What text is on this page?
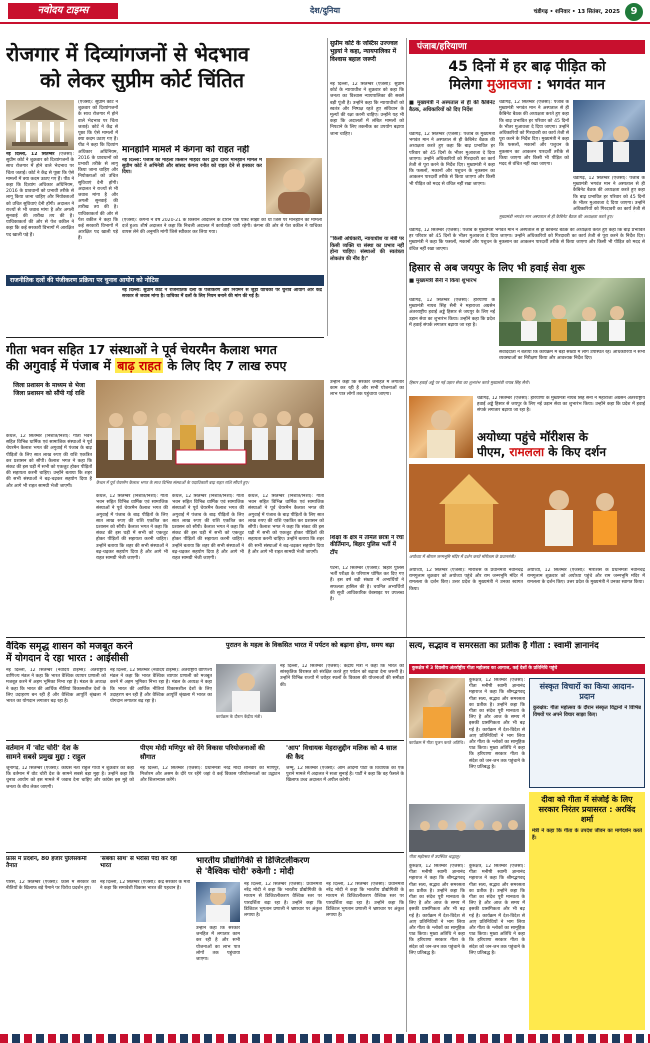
नवोदय टाइम्स	देश/दुनिया	चंडीगढ़ • शनिवार • 13 सितंबर, 2025	9
रोजगार में दिव्यांगजनों से भेदभाव
को लेकर सुप्रीम कोर्ट चिंतित
नई दिल्ली, 12 सितम्बर (एजेंसी): सुप्रीम कोर्ट ने शुक्रवार को दिव्यांगजनों के साथ रोजगार में होने वाले भेदभाव पर चिंता जताई। कोर्ट ने केंद्र से पूछा कि ऐसे मामलों में क्या कदम उठाए गए हैं। पीठ ने कहा कि दिव्यांग अधिकार अधिनियम, 2016 के प्रावधानों को प्रभावी तरीके से लागू किया जाना चाहिए और नियोक्ताओं को उचित सुविधाएं देनी होंगी। अदालत ने राज्यों से भी जवाब मांगा है और अगली सुनवाई की तारीख तय की है। याचिकाकर्ता की ओर से पेश वकील ने कहा कि कई सरकारी विभागों में आरक्षित पद खाली पड़े हैं।
(एजेंसी): सुप्रीम कोर्ट ने शुक्रवार को दिव्यांगजनों के साथ रोजगार में होने वाले भेदभाव पर चिंता जताई। कोर्ट ने केंद्र से पूछा कि ऐसे मामलों में क्या कदम उठाए गए हैं। पीठ ने कहा कि दिव्यांग अधिकार अधिनियम, 2016 के प्रावधानों को प्रभावी तरीके से लागू किया जाना चाहिए और नियोक्ताओं को उचित सुविधाएं देनी होंगी। अदालत ने राज्यों से भी जवाब मांगा है और अगली सुनवाई की तारीख तय की है। याचिकाकर्ता की ओर से पेश वकील ने कहा कि कई सरकारी विभागों में आरक्षित पद खाली पड़े हैं।
मानहानि मामले में कंगना को राहत नहीं
नई दिल्ली: पंजाब की महिला किसान महिंदर कौर द्वारा दायर मानहानि मामले में सुप्रीम कोर्ट ने अभिनेत्री और सांसद कंगना रनौत को राहत देने से इनकार कर दिया।
(एजेंसी): कंगना ने वर्ष 2020-21 के किसान आंदोलन के दौरान एक पोस्ट साझा की थी जिस पर मानहानि का मामला दर्ज हुआ। शीर्ष अदालत ने कहा कि निचली अदालत में कार्यवाही जारी रहेगी। कंगना की ओर से पेश वकील ने याचिका वापस लेने की अनुमति मांगी जिसे स्वीकार कर लिया गया।
राजनीतिक दलों की पंजीकरण प्रक्रिया पर चुनाव आयोग को नोटिस
नई दिल्ली: सुप्रीम कोर्ट ने राजनीतिक दलों के पंजीकरण और नियमन से जुड़ी याचिका पर चुनाव आयोग और केंद्र सरकार से जवाब मांगा है। याचिका में दलों के लिए नियम बनाने की मांग की गई है।
सुप्रीम कोर्ट के जस्टिस उज्ज्वल भुइयां ने कहा, न्यायपालिका में विश्वास बहाल जरूरी
नई दिल्ली, 12 सितम्बर (एजेंसी): सुप्रीम कोर्ट के न्यायाधीश ने शुक्रवार को कहा कि जनता का विश्वास न्यायपालिका की सबसे बड़ी पूंजी है। उन्होंने कहा कि न्यायाधीशों को स्वतंत्र और निष्पक्ष रहते हुए संविधान के मूल्यों की रक्षा करनी चाहिए। उन्होंने यह भी कहा कि अदालतों में लंबित मामलों को निपटाने के लिए तकनीक का उपयोग बढ़ाया जाना चाहिए।
"किसी अधिकारी, न्यायाधीश या मंत्री पर किसी व्यक्ति या संस्था का प्रभाव नहीं होना चाहिए। संस्थाओं की स्वतंत्रता लोकतंत्र की नींव है।"
पंजाब/हरियाणा
45 दिनों में हर बाढ़ पीड़ित को
मिलेगा मुआवजा : भगवंत मान
■ मुख्यमंत्री ने अस्पताल से ही की कैबिनेट बैठक, अधिकारियों को दिए निर्देश
चंडीगढ़, 12 सितम्बर (एजेंसी): पंजाब के मुख्यमंत्री भगवंत मान ने अस्पताल से ही कैबिनेट बैठक की अध्यक्षता करते हुए कहा कि बाढ़ प्रभावित हर परिवार को 45 दिनों के भीतर मुआवजा दे दिया जाएगा। उन्होंने अधिकारियों को गिरदावरी का कार्य तेजी से पूरा करने के निर्देश दिए। मुख्यमंत्री ने कहा कि फसलों, मकानों और पशुधन के नुकसान का आकलन पारदर्शी तरीके से किया जाएगा और किसी भी पीड़ित को मदद से वंचित नहीं रखा जाएगा।
चंडीगढ़, 12 सितम्बर (एजेंसी): पंजाब के मुख्यमंत्री भगवंत मान ने अस्पताल से ही कैबिनेट बैठक की अध्यक्षता करते हुए कहा कि बाढ़ प्रभावित हर परिवार को 45 दिनों के भीतर मुआवजा दे दिया जाएगा। उन्होंने अधिकारियों को गिरदावरी का कार्य तेजी से पूरा करने के निर्देश दिए। मुख्यमंत्री ने कहा कि फसलों, मकानों और पशुधन के नुकसान का आकलन पारदर्शी तरीके से किया जाएगा और किसी भी पीड़ित को मदद से वंचित नहीं रखा जाएगा।
मुख्यमंत्री भगवंत मान अस्पताल से ही कैबिनेट बैठक की अध्यक्षता करते हुए।
चंडीगढ़, 12 सितम्बर (एजेंसी): पंजाब के मुख्यमंत्री भगवंत मान ने अस्पताल से ही कैबिनेट बैठक की अध्यक्षता करते हुए कहा कि बाढ़ प्रभावित हर परिवार को 45 दिनों के भीतर मुआवजा दे दिया जाएगा। उन्होंने अधिकारियों को गिरदावरी का कार्य तेजी से
चंडीगढ़, 12 सितम्बर (एजेंसी): पंजाब के मुख्यमंत्री भगवंत मान ने अस्पताल से ही कैबिनेट बैठक की अध्यक्षता करते हुए कहा कि बाढ़ प्रभावित हर परिवार को 45 दिनों के भीतर मुआवजा दे दिया जाएगा। उन्होंने अधिकारियों को गिरदावरी का कार्य तेजी से पूरा करने के निर्देश दिए। मुख्यमंत्री ने कहा कि फसलों, मकानों और पशुधन के नुकसान का आकलन पारदर्शी तरीके से किया जाएगा और किसी भी पीड़ित को मदद से वंचित नहीं रखा जाएगा।
हिसार से अब जयपुर के लिए भी हवाई सेवा शुरू
■ मुख्यमंत्री सैनी ने किया शुभारंभ
चंडीगढ़, 12 सितम्बर (एजेंसी): हरियाणा के मुख्यमंत्री नायब सिंह सैनी ने महाराजा अग्रसेन अंतरराष्ट्रीय हवाई अड्डे हिसार से जयपुर के लिए नई उड़ान सेवा का शुभारंभ किया। उन्होंने कहा कि प्रदेश में हवाई संपर्क लगातार बढ़ाया जा रहा है।
हिसार हवाई अड्डे पर नई उड़ान सेवा का शुभारंभ करते मुख्यमंत्री नायब सिंह सैनी।
संवाददाता ने बताया कि कार्यक्रम में बड़ी संख्या में लोग उपस्थित रहे। अधिकारियों ने सभी व्यवस्थाओं का निरीक्षण किया और आवश्यक निर्देश दिए।
गीता भवन सहित 17 संस्थाओं ने पूर्व चेयरमैन कैलाश भगत
की अगुवाई में पंजाब में बाढ़ राहत के लिए दिए 7 लाख रुपए
जिला प्रशासन के माध्यम से भेजा जिला प्रशासन को सौंपी गई राशि
कैथल, 12 सितम्बर (निशांत/निशा): गीता भवन सहित विभिन्न धार्मिक एवं सामाजिक संस्थाओं ने पूर्व चेयरमैन कैलाश भगत की अगुवाई में पंजाब के बाढ़ पीड़ितों के लिए सात लाख रुपए की राशि एकत्रित कर प्रशासन को सौंपी। कैलाश भगत ने कहा कि संकट की इस घड़ी में सभी को एकजुट होकर पीड़ितों की सहायता करनी चाहिए। उन्होंने बताया कि शहर की सभी संस्थाओं ने बढ़-चढ़कर सहयोग दिया है और आगे भी राहत सामग्री भेजी जाएगी।
कैथल में पूर्व चेयरमैन कैलाश भगत के साथ विभिन्न संस्थाओं के पदाधिकारी बाढ़ राहत राशि सौंपते हुए।
कैथल, 12 सितम्बर (निशांत/निशा): गीता भवन सहित विभिन्न धार्मिक एवं सामाजिक संस्थाओं ने पूर्व चेयरमैन कैलाश भगत की अगुवाई में पंजाब के बाढ़ पीड़ितों के लिए सात लाख रुपए की राशि एकत्रित कर प्रशासन को सौंपी। कैलाश भगत ने कहा कि संकट की इस घड़ी में सभी को एकजुट होकर पीड़ितों की सहायता करनी चाहिए। उन्होंने बताया कि शहर की सभी संस्थाओं ने बढ़-चढ़कर सहयोग दिया है और आगे भी राहत सामग्री भेजी जाएगी।
कैथल, 12 सितम्बर (निशांत/निशा): गीता भवन सहित विभिन्न धार्मिक एवं सामाजिक संस्थाओं ने पूर्व चेयरमैन कैलाश भगत की अगुवाई में पंजाब के बाढ़ पीड़ितों के लिए सात लाख रुपए की राशि एकत्रित कर प्रशासन को सौंपी। कैलाश भगत ने कहा कि संकट की इस घड़ी में सभी को एकजुट होकर पीड़ितों की सहायता करनी चाहिए। उन्होंने बताया कि शहर की सभी संस्थाओं ने बढ़-चढ़कर सहयोग दिया है और आगे भी राहत सामग्री भेजी जाएगी।
कैथल, 12 सितम्बर (निशांत/निशा): गीता भवन सहित विभिन्न धार्मिक एवं सामाजिक संस्थाओं ने पूर्व चेयरमैन कैलाश भगत की अगुवाई में पंजाब के बाढ़ पीड़ितों के लिए सात लाख रुपए की राशि एकत्रित कर प्रशासन को सौंपी। कैलाश भगत ने कहा कि संकट की इस घड़ी में सभी को एकजुट होकर पीड़ितों की सहायता करनी चाहिए। उन्होंने बताया कि शहर की सभी संस्थाओं ने बढ़-चढ़कर सहयोग दिया है और आगे भी राहत सामग्री भेजी जाएगी।
उन्होंने कहा कि सरकार जनहित में लगातार काम कर रही है और सभी योजनाओं का लाभ पात्र लोगों तक पहुंचाया जाएगा।
शिक्षा के क्षेत्र में तमिल छात्रा ने रचा कीर्तिमान, बिहार पुलिस भर्ती में टॉप
पटना, 12 सितम्बर (एजेंसी): बिहार पुलिस भर्ती परीक्षा के परिणाम घोषित कर दिए गए हैं। इस वर्ष बड़ी संख्या में अभ्यर्थियों ने सफलता हासिल की है। चयनित अभ्यर्थियों की सूची आधिकारिक वेबसाइट पर उपलब्ध है।
चंडीगढ़, 12 सितम्बर (एजेंसी): हरियाणा के मुख्यमंत्री नायब सिंह सैनी ने महाराजा अग्रसेन अंतरराष्ट्रीय हवाई अड्डे हिसार से जयपुर के लिए नई उड़ान सेवा का शुभारंभ किया। उन्होंने कहा कि प्रदेश में हवाई संपर्क लगातार बढ़ाया जा रहा है।
अयोध्या पहुंचे मॉरीशस के
पीएम, रामलला के किए दर्शन
अयोध्या में श्रीराम जन्मभूमि मंदिर में दर्शन करते मॉरीशस के प्रधानमंत्री।
अयोध्या, 12 सितम्बर (एजेंसी): मॉरीशस के प्रधानमंत्री नवीनचंद्र रामगुलाम शुक्रवार को अयोध्या पहुंचे और राम जन्मभूमि मंदिर में रामलला के दर्शन किए। उत्तर प्रदेश के मुख्यमंत्री ने उनका स्वागत किया।
अयोध्या, 12 सितम्बर (एजेंसी): मॉरीशस के प्रधानमंत्री नवीनचंद्र रामगुलाम शुक्रवार को अयोध्या पहुंचे और राम जन्मभूमि मंदिर में रामलला के दर्शन किए। उत्तर प्रदेश के मुख्यमंत्री ने उनका स्वागत किया।
वैदिक समृद्ध शासन को मजबूत करने
में योगदान दे रहा भारत : आईसीसी
नई दिल्ली, 12 सितम्बर (नवोदय टाइम्स): अंतर्राष्ट्रीय वाणिज्य मंडल ने कहा कि भारत वैश्विक व्यापार प्रणाली को मजबूत करने में अहम भूमिका निभा रहा है। मंडल के अध्यक्ष ने कहा कि भारत की आर्थिक नीतियां विकासशील देशों के लिए उदाहरण बन रही हैं और वैश्विक आपूर्ति श्रृंखला में भारत का योगदान लगातार बढ़ रहा है।
नई दिल्ली, 12 सितम्बर (नवोदय टाइम्स): अंतर्राष्ट्रीय वाणिज्य मंडल ने कहा कि भारत वैश्विक व्यापार प्रणाली को मजबूत करने में अहम भूमिका निभा रहा है। मंडल के अध्यक्ष ने कहा कि भारत की आर्थिक नीतियां विकासशील देशों के लिए उदाहरण बन रही हैं और वैश्विक आपूर्ति श्रृंखला में भारत का योगदान लगातार बढ़ रहा है।
पुरातन के महत्व के विकसित भारत में पर्यटन को बढ़ाना होगा, समय बढ़ा
नई दिल्ली, 12 सितम्बर (एजेंसी): केंद्रीय मंत्री ने कहा कि भारत की सांस्कृतिक विरासत को संरक्षित करते हुए पर्यटन को बढ़ावा देना जरूरी है। उन्होंने विभिन्न राज्यों में धरोहर स्थलों के विकास की योजनाओं की समीक्षा की।
कार्यक्रम के दौरान केंद्रीय मंत्री।
वर्तमान में 'वोट चोरी' देश के
सामने सबसे प्रमुख मुद्दा : राहुल
जूनागढ़, 12 सितम्बर (एजेंसी): कांग्रेस नेता राहुल गांधी ने शुक्रवार को कहा कि वर्तमान में वोट चोरी देश के सामने सबसे बड़ा मुद्दा है। उन्होंने कहा कि चुनाव आयोग को इस मामले में जवाब देना चाहिए और कांग्रेस इस मुद्दे को जनता के बीच लेकर जाएगी।
पीएम मोदी मणिपुर को देंगे विकास परियोजनाओं की सौगात
नई दिल्ली, 12 सितम्बर (एजेंसी): प्रधानमंत्री नरेंद्र मोदी शनिवार को मणिपुर, मिजोरम और असम के दौरे पर रहेंगे जहां वे कई विकास परियोजनाओं का उद्घाटन और शिलान्यास करेंगे।
'आप' विधायक मेहराजुद्दीन मलिक को 4 साल की कैद
जम्मू, 12 सितम्बर (एजेंसी): आम आदमी पार्टी के विधायक को एक पुराने मामले में अदालत ने सजा सुनाई है। पार्टी ने कहा कि वह फैसले के खिलाफ उच्च अदालत में अपील करेगी।
फ्रांस में प्रदर्शन, 80 हजार पुलिसकर्मी तैनात
पेरिस, 12 सितम्बर (एजेंसी): फ्रांस में सरकार की नीतियों के खिलाफ बड़े पैमाने पर विरोध प्रदर्शन हुए।
'सबका साथ' से भरोसा पैदा कर रहा भारत
नई दिल्ली, 12 सितम्बर (एजेंसी): केंद्र सरकार के मंत्री ने कहा कि समावेशी विकास भारत की पहचान है।
भारतीय प्रौद्योगिकी से डिजिटलीकरण
से 'वैश्विक चोरी' रुकेगी : मोदी
नई दिल्ली, 12 सितम्बर (एजेंसी): प्रधानमंत्री नरेंद्र मोदी ने कहा कि भारतीय प्रौद्योगिकी के माध्यम से डिजिटलीकरण वैश्विक स्तर पर पारदर्शिता बढ़ा रहा है। उन्होंने कहा कि डिजिटल भुगतान प्रणाली ने भ्रष्टाचार पर अंकुश लगाया है।
नई दिल्ली, 12 सितम्बर (एजेंसी): प्रधानमंत्री नरेंद्र मोदी ने कहा कि भारतीय प्रौद्योगिकी के माध्यम से डिजिटलीकरण वैश्विक स्तर पर पारदर्शिता बढ़ा रहा है। उन्होंने कहा कि डिजिटल भुगतान प्रणाली ने भ्रष्टाचार पर अंकुश लगाया है।
उन्होंने कहा कि सरकार जनहित में लगातार काम कर रही है और सभी योजनाओं का लाभ पात्र लोगों तक पहुंचाया जाएगा।
सत्य, सद्भाव व समरसता का प्रतीक है गीता : स्वामी ज्ञानानंद
कुरुक्षेत्र में 3 दिवसीय अंतर्राष्ट्रीय गीता महोत्सव का आगाज, कई देशों के प्रतिनिधि पहुंचे
कुरुक्षेत्र, 12 सितम्बर (एजेंसी): गीता मनीषी स्वामी ज्ञानानंद महाराज ने कहा कि श्रीमद्भगवद् गीता सत्य, सद्भाव और समरसता का प्रतीक है। उन्होंने कहा कि गीता का संदेश पूरी मानवता के लिए है और आज के समय में इसकी प्रासंगिकता और भी बढ़ गई है। कार्यक्रम में देश-विदेश से आए प्रतिनिधियों ने भाग लिया और गीता के श्लोकों का सामूहिक पाठ किया। मुख्य अतिथि ने कहा कि हरियाणा सरकार गीता के संदेश को जन-जन तक पहुंचाने के लिए प्रतिबद्ध है।
कार्यक्रम में गीता पूजन करते अतिथि।
गीता महोत्सव में उपस्थित श्रद्धालु।
कुरुक्षेत्र, 12 सितम्बर (एजेंसी): गीता मनीषी स्वामी ज्ञानानंद महाराज ने कहा कि श्रीमद्भगवद् गीता सत्य, सद्भाव और समरसता का प्रतीक है। उन्होंने कहा कि गीता का संदेश पूरी मानवता के लिए है और आज के समय में इसकी प्रासंगिकता और भी बढ़ गई है। कार्यक्रम में देश-विदेश से आए प्रतिनिधियों ने भाग लिया और गीता के श्लोकों का सामूहिक पाठ किया। मुख्य अतिथि ने कहा कि हरियाणा सरकार गीता के संदेश को जन-जन तक पहुंचाने के लिए प्रतिबद्ध है।
कुरुक्षेत्र, 12 सितम्बर (एजेंसी): गीता मनीषी स्वामी ज्ञानानंद महाराज ने कहा कि श्रीमद्भगवद् गीता सत्य, सद्भाव और समरसता का प्रतीक है। उन्होंने कहा कि गीता का संदेश पूरी मानवता के लिए है और आज के समय में इसकी प्रासंगिकता और भी बढ़ गई है। कार्यक्रम में देश-विदेश से आए प्रतिनिधियों ने भाग लिया और गीता के श्लोकों का सामूहिक पाठ किया। मुख्य अतिथि ने कहा कि हरियाणा सरकार गीता के संदेश को जन-जन तक पहुंचाने के लिए प्रतिबद्ध है।
संस्कृत विचारों का किया आदान-प्रदान
कुरुक्षेत्र: गीता महोत्सव के दौरान संस्कृत विद्वानों ने विभिन्न विषयों पर अपने विचार साझा किए।
दीवा को गीता में संजोई के लिए सरकार निरंतर प्रयासरत : अरविंद शर्मा
मंत्री ने कहा कि गीता के उपदेश जीवन का मार्गदर्शन करते हैं।
